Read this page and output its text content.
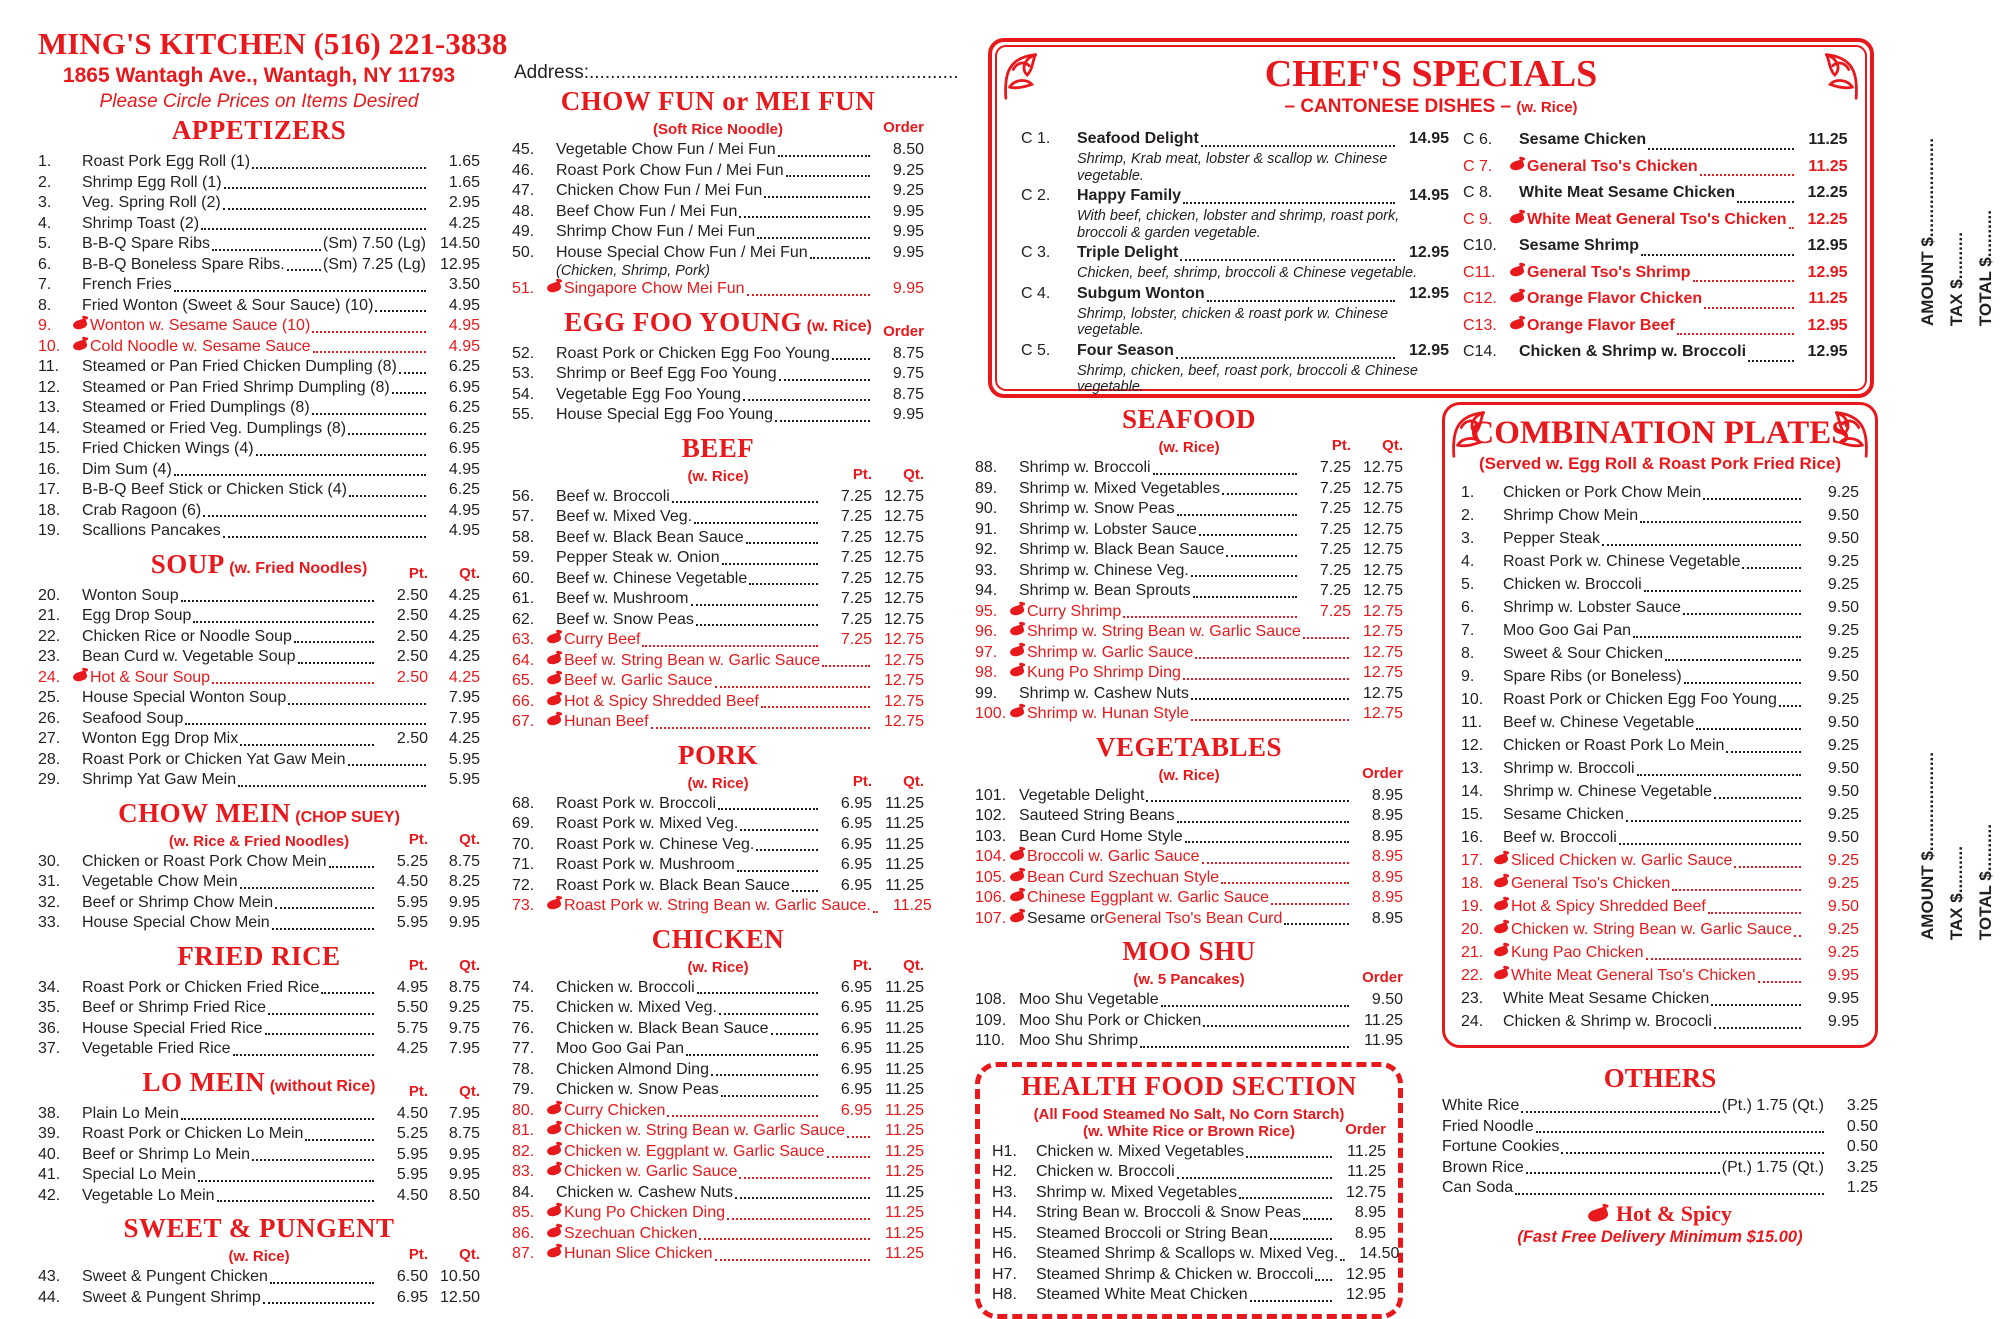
MING'S KITCHEN (516) 221-3838
1865 Wantagh Ave., Wantagh, NY 11793
Please Circle Prices on Items Desired
APPETIZERS
1.	Roast Pork Egg Roll (1)	1.65
2.	Shrimp Egg Roll (1)	1.65
3.	Veg. Spring Roll (2)	2.95
4.	Shrimp Toast (2)	4.25
5.	B-B-Q Spare Ribs	(Sm) 7.50 (Lg) 14.50
6.	B-B-Q Boneless Spare Ribs. (Sm) 7.25 (Lg) 12.95
7.	French Fries	3.50
8.	Fried Wonton (Sweet & Sour Sauce) (10)	4.95
9.	Wonton w. Sesame Sauce (10)	4.95
10.	Cold Noodle w. Sesame Sauce	4.95
11.	Steamed or Pan Fried Chicken Dumpling (8)	6.25
12.	Steamed or Pan Fried Shrimp Dumpling (8)	6.95
13.	Steamed or Fried Dumplings (8)	6.25
14.	Steamed or Fried Veg. Dumplings (8)	6.25
15.	Fried Chicken Wings (4)	6.95
16.	Dim Sum (4)	4.95
17.	B-B-Q Beef Stick or Chicken Stick (4)	6.25
18.	Crab Ragoon (6)	4.95
19.	Scallions Pancakes	4.95
SOUP (w. Fried Noodles)	Pt. Qt.
20.	Wonton Soup	2.50	4.25
21.	Egg Drop Soup	2.50	4.25
22.	Chicken Rice or Noodle Soup	2.50	4.25
23.	Bean Curd w. Vegetable Soup	2.50	4.25
24.	Hot & Sour Soup	2.50	4.25
25.	House Special Wonton Soup	7.95
26.	Seafood Soup	7.95
27.	Wonton Egg Drop Mix	2.50	4.25
28.	Roast Pork or Chicken Yat Gaw Mein	5.95
29.	Shrimp Yat Gaw Mein	5.95
CHOW MEIN (CHOP SUEY)
(w. Rice & Fried Noodles)	Pt. Qt.
30.	Chicken or Roast Pork Chow Mein	5.25	8.75
31.	Vegetable Chow Mein	4.50	8.25
32.	Beef or Shrimp Chow Mein	5.95	9.95
33.	House Special Chow Mein	5.95	9.95
FRIED RICE	Pt. Qt.
34.	Roast Pork or Chicken Fried Rice	4.95	8.75
35.	Beef or Shrimp Fried Rice	5.50	9.25
36.	House Special Fried Rice	5.75	9.75
37.	Vegetable Fried Rice	4.25	7.95
LO MEIN (without Rice)	Pt. Qt.
38.	Plain Lo Mein	4.50	7.95
39.	Roast Pork or Chicken Lo Mein	5.25	8.75
40.	Beef or Shrimp Lo Mein	5.95	9.95
41.	Special Lo Mein	5.95	9.95
42.	Vegetable Lo Mein	4.50	8.50
SWEET & PUNGENT
(w. Rice)	Pt. Qt.
43.	Sweet & Pungent Chicken	6.50 10.50
44.	Sweet & Pungent Shrimp	6.95 12.50
Address:......................................................................
CHOW FUN or MEI FUN
(Soft Rice Noodle)	Order
45.	Vegetable Chow Fun / Mei Fun	8.50
46.	Roast Pork Chow Fun / Mei Fun	9.25
47.	Chicken Chow Fun / Mei Fun	9.25
48.	Beef Chow Fun / Mei Fun	9.95
49.	Shrimp Chow Fun / Mei Fun	9.95
50.	House Special Chow Fun / Mei Fun	9.95
(Chicken, Shrimp, Pork)
51.	Singapore Chow Mei Fun	9.95
EGG FOO YOUNG (w. Rice) Order
52.	Roast Pork or Chicken Egg Foo Young	8.75
53.	Shrimp or Beef Egg Foo Young	9.75
54.	Vegetable Egg Foo Young	8.75
55.	House Special Egg Foo Young	9.95
BEEF
(w. Rice)	Pt. Qt.
56.	Beef w. Broccoli	7.25 12.75
57.	Beef w. Mixed Veg.	7.25 12.75
58.	Beef w. Black Bean Sauce	7.25 12.75
59.	Pepper Steak w. Onion	7.25 12.75
60.	Beef w. Chinese Vegetable	7.25 12.75
61.	Beef w. Mushroom	7.25 12.75
62.	Beef w. Snow Peas	7.25 12.75
63.	Curry Beef	7.25 12.75
64.	Beef w. String Bean w. Garlic Sauce	12.75
65.	Beef w. Garlic Sauce	12.75
66.	Hot & Spicy Shredded Beef	12.75
67.	Hunan Beef	12.75
PORK
(w. Rice)	Pt. Qt.
68.	Roast Pork w. Broccoli	6.95 11.25
69.	Roast Pork w. Mixed Veg.	6.95 11.25
70.	Roast Pork w. Chinese Veg.	6.95 11.25
71.	Roast Pork w. Mushroom	6.95 11.25
72.	Roast Pork w. Black Bean Sauce	6.95 11.25
73.	Roast Pork w. String Bean w. Garlic Sauce.	11.25
CHICKEN
(w. Rice)	Pt. Qt.
74.	Chicken w. Broccoli	6.95 11.25
75.	Chicken w. Mixed Veg.	6.95 11.25
76.	Chicken w. Black Bean Sauce	6.95 11.25
77.	Moo Goo Gai Pan	6.95 11.25
78.	Chicken Almond Ding	6.95 11.25
79.	Chicken w. Snow Peas	6.95 11.25
80.	Curry Chicken	6.95 11.25
81.	Chicken w. String Bean w. Garlic Sauce	11.25
82.	Chicken w. Eggplant w. Garlic Sauce	11.25
83.	Chicken w. Garlic Sauce	11.25
84.	Chicken w. Cashew Nuts	11.25
85.	Kung Po Chicken Ding	11.25
86.	Szechuan Chicken	11.25
87.	Hunan Slice Chicken	11.25
CHEF'S SPECIALS
– CANTONESE DISHES – (w. Rice)
C 1.	Seafood Delight	14.95
Shrimp, Krab meat, lobster & scallop w. Chinese vegetable.
C 2.	Happy Family	14.95
With beef, chicken, lobster and shrimp, roast pork, broccoli & garden vegetable.
C 3.	Triple Delight	12.95
Chicken, beef, shrimp, broccoli & Chinese vegetable.
C 4.	Subgum Wonton	12.95
Shrimp, lobster, chicken & roast pork w. Chinese vegetable.
C 5.	Four Season	12.95
Shrimp, chicken, beef, roast pork, broccoli & Chinese vegetable.
C 6.	Sesame Chicken	11.25
C 7.	General Tso's Chicken	11.25
C 8.	White Meat Sesame Chicken	12.25
C 9.	White Meat General Tso's Chicken	12.25
C10.	Sesame Shrimp	12.95
C11.	General Tso's Shrimp	12.95
C12.	Orange Flavor Chicken	11.25
C13.	Orange Flavor Beef	12.95
C14.	Chicken & Shrimp w. Broccoli	12.95
SEAFOOD
(w. Rice)	Pt. Qt.
88.	Shrimp w. Broccoli	7.25 12.75
89.	Shrimp w. Mixed Vegetables	7.25 12.75
90.	Shrimp w. Snow Peas	7.25 12.75
91.	Shrimp w. Lobster Sauce	7.25 12.75
92.	Shrimp w. Black Bean Sauce	7.25 12.75
93.	Shrimp w. Chinese Veg.	7.25 12.75
94.	Shrimp w. Bean Sprouts	7.25 12.75
95.	Curry Shrimp	7.25 12.75
96.	Shrimp w. String Bean w. Garlic Sauce	12.75
97.	Shrimp w. Garlic Sauce	12.75
98.	Kung Po Shrimp Ding	12.75
99.	Shrimp w. Cashew Nuts	12.75
100.	Shrimp w. Hunan Style	12.75
VEGETABLES
(w. Rice)	Order
101. Vegetable Delight	8.95
102. Sauteed String Beans	8.95
103. Bean Curd Home Style	8.95
104.	Broccoli w. Garlic Sauce	8.95
105.	Bean Curd Szechuan Style	8.95
106.	Chinese Eggplant w. Garlic Sauce	8.95
107.	Sesame or General Tso's Bean Curd	8.95
MOO SHU
(w. 5 Pancakes)	Order
108. Moo Shu Vegetable	9.50
109. Moo Shu Pork or Chicken	11.25
110. Moo Shu Shrimp	11.95
HEALTH FOOD SECTION
(All Food Steamed No Salt, No Corn Starch)
(w. White Rice or Brown Rice)	Order
H1.	Chicken w. Mixed Vegetables	11.25
H2.	Chicken w. Broccoli	11.25
H3.	Shrimp w. Mixed Vegetables	12.75
H4.	String Bean w. Broccoli & Snow Peas	8.95
H5.	Steamed Broccoli or String Bean	8.95
H6.	Steamed Shrimp & Scallops w. Mixed Veg.	14.50
H7.	Steamed Shrimp & Chicken w. Broccoli	12.95
H8.	Steamed White Meat Chicken	12.95
COMBINATION PLATES
(Served w. Egg Roll & Roast Pork Fried Rice)
1.	Chicken or Pork Chow Mein	9.25
2.	Shrimp Chow Mein	9.50
3.	Pepper Steak	9.50
4.	Roast Pork w. Chinese Vegetable	9.25
5.	Chicken w. Broccoli	9.25
6.	Shrimp w. Lobster Sauce	9.50
7.	Moo Goo Gai Pan	9.25
8.	Sweet & Sour Chicken	9.25
9.	Spare Ribs (or Boneless)	9.50
10.	Roast Pork or Chicken Egg Foo Young	9.25
11.	Beef w. Chinese Vegetable	9.50
12.	Chicken or Roast Pork Lo Mein	9.25
13.	Shrimp w. Broccoli	9.50
14.	Shrimp w. Chinese Vegetable	9.50
15.	Sesame Chicken	9.25
16.	Beef w. Broccoli	9.50
17.	Sliced Chicken w. Garlic Sauce	9.25
18.	General Tso's Chicken	9.25
19.	Hot & Spicy Shredded Beef	9.50
20.	Chicken w. String Bean w. Garlic Sauce	9.25
21.	Kung Pao Chicken	9.25
22.	White Meat General Tso's Chicken	9.95
23.	White Meat Sesame Chicken	9.95
24.	Chicken & Shrimp w. Brococli	9.95
OTHERS
White Rice	(Pt.) 1.75 (Qt.)	3.25
Fried Noodle	0.50
Fortune Cookies	0.50
Brown Rice	(Pt.) 1.75 (Qt.)	3.25
Can Soda	1.25
Hot & Spicy
(Fast Free Delivery Minimum $15.00)
AMOUNT $..................... TAX $.......... TOTAL $..........
AMOUNT $..................... TAX $.......... TOTAL $..........
